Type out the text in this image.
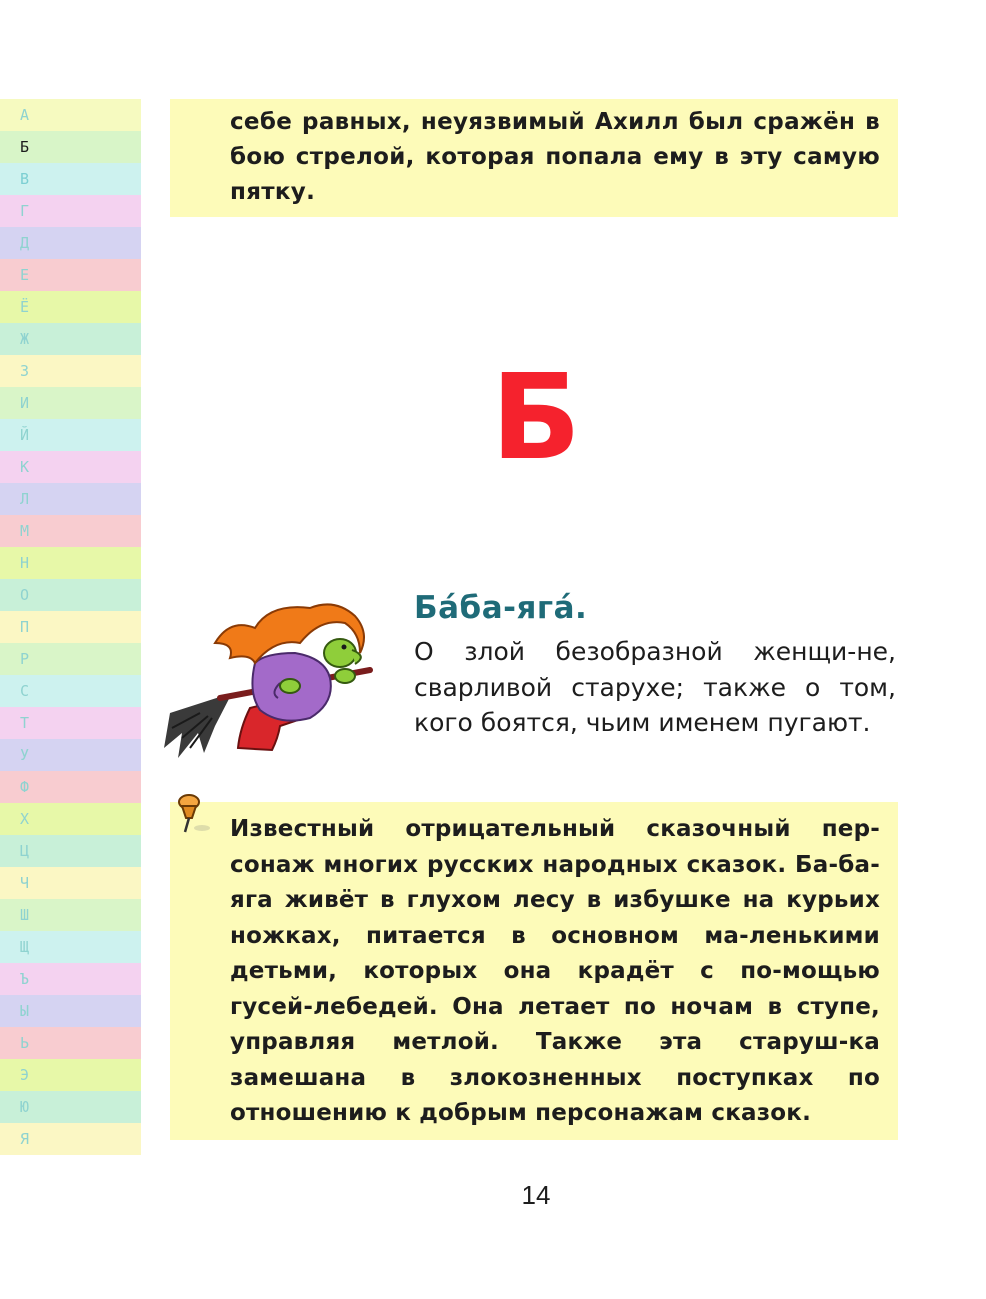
А
Б
В
Г
Д
Е
Ё
Ж
З
И
Й
К
Л
М
Н
О
П
Р
С
Т
У
Ф
Х
Ц
Ч
Ш
Щ
Ъ
Ы
Ь
Э
Ю
Я
себе равных, неуязвимый Ахилл был сражён в бою стрелой, которая попала ему в эту самую пятку.
Б
Ба́ба-яга́.
О злой безобразной женщи-не, сварливой старухе; также о том, кого боятся, чьим именем пугают.
Известный отрицательный сказочный пер-сонаж многих русских народных сказок. Ба-ба-яга живёт в глухом лесу в избушке на курьих ножках, питается в основном ма-ленькими детьми, которых она крадёт с по-мощью гусей-лебедей. Она летает по ночам в ступе, управляя метлой. Также эта старуш-ка замешана в злокозненных поступках по отношению к добрым персонажам сказок.
14
